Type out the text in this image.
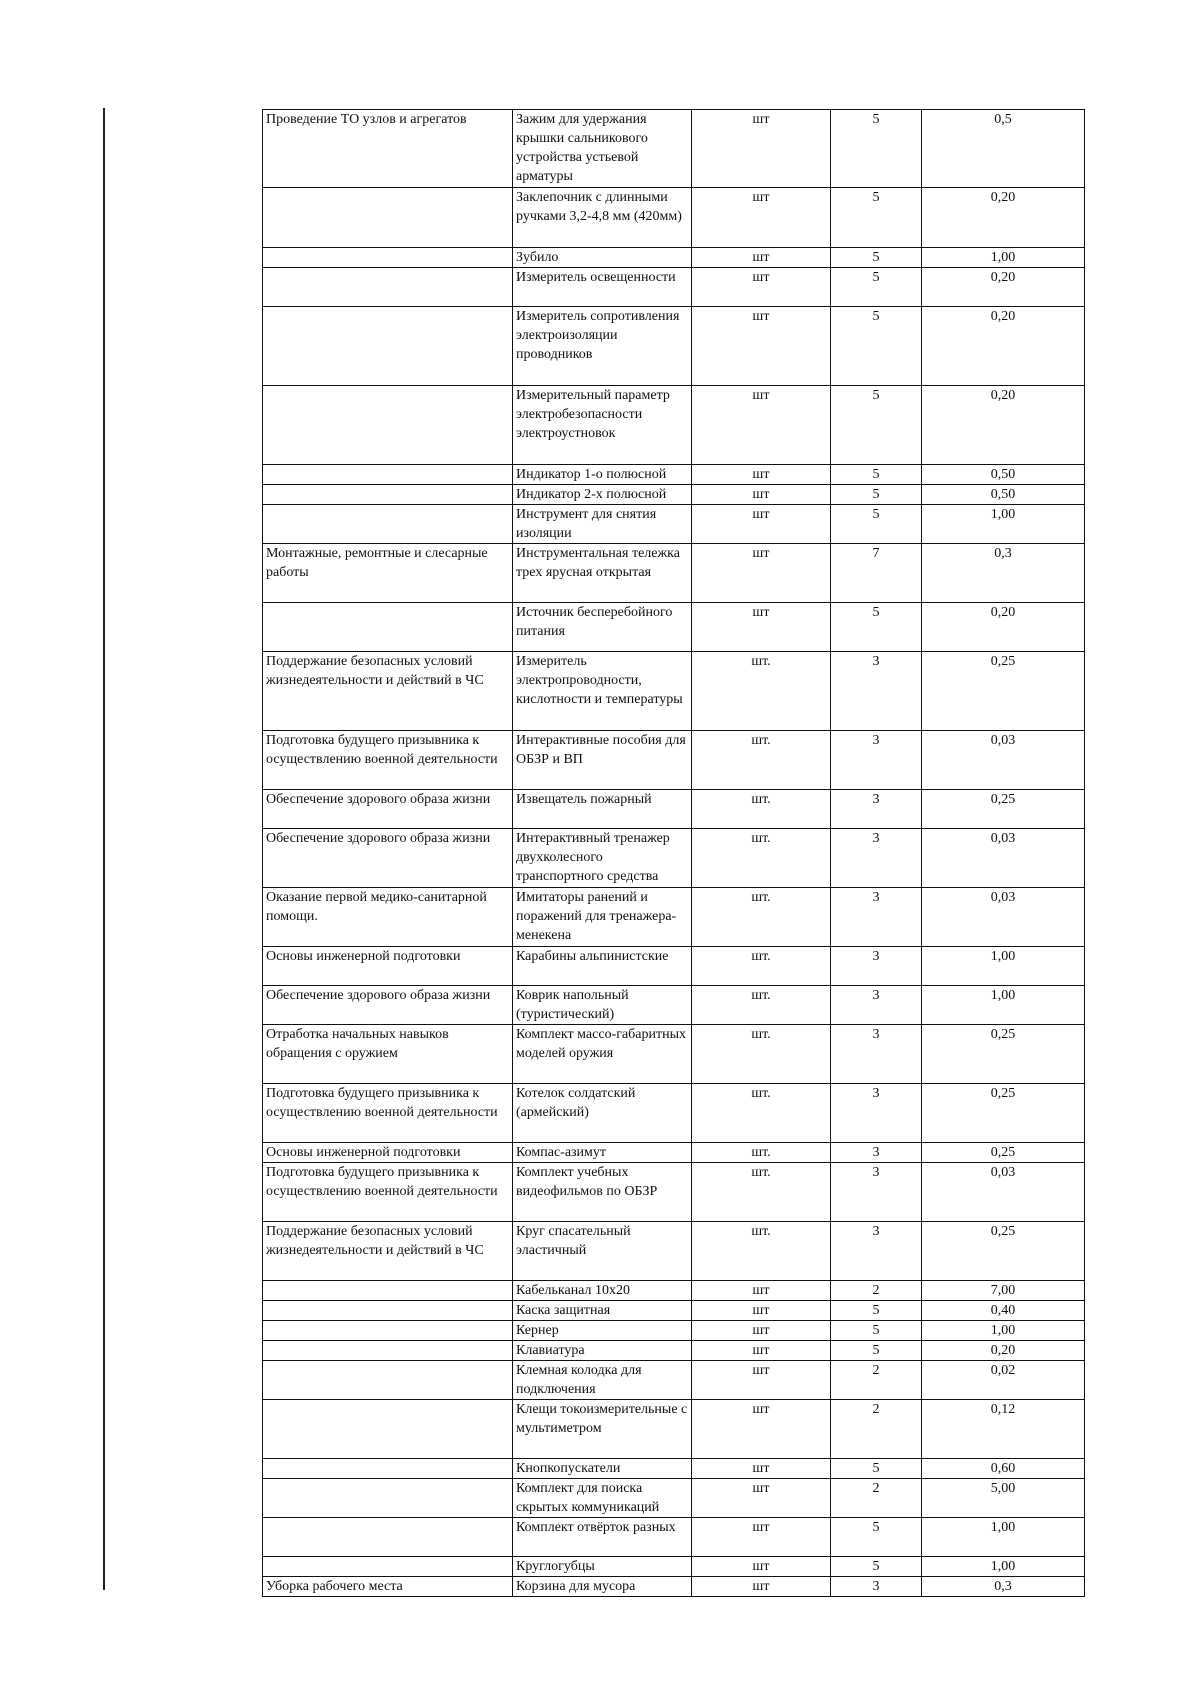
Проведение ТО узлов и агрегатов	Зажим для удержания крышки сальникового устройства устьевой арматуры	шт	5	0,5
	Заклепочник с длинными ручками 3,2-4,8 мм (420мм)	шт	5	0,20
	Зубило	шт	5	1,00
	Измеритель освещенности	шт	5	0,20
	Измеритель сопротивления электроизоляции проводников	шт	5	0,20
	Измерительный параметр электробезопасности электроустновок	шт	5	0,20
	Индикатор 1-о полюсной	шт	5	0,50
	Индикатор 2-х полюсной	шт	5	0,50
	Инструмент для снятия изоляции	шт	5	1,00
Монтажные, ремонтные и слесарные работы	Инструментальная тележка трех ярусная открытая	шт	7	0,3
	Источник бесперебойного питания	шт	5	0,20
Поддержание безопасных условий жизнедеятельности и действий в ЧС	Измеритель электропроводности, кислотности и температуры	шт.	3	0,25
Подготовка будущего призывника к осуществлению военной деятельности	Интерактивные пособия для ОБЗР и ВП	шт.	3	0,03
Обеспечение здорового образа жизни	Извещатель пожарный	шт.	3	0,25
Обеспечение здорового образа жизни	Интерактивный тренажер двухколесного транспортного средства	шт.	3	0,03
Оказание первой медико-санитарной помощи.	Имитаторы ранений и поражений для тренажера-менекена	шт.	3	0,03
Основы инженерной подготовки	Карабины альпинистские	шт.	3	1,00
Обеспечение здорового образа жизни	Коврик напольный (туристический)	шт.	3	1,00
Отработка начальных навыков обращения с оружием	Комплект массо-габаритных моделей оружия	шт.	3	0,25
Подготовка будущего призывника к осуществлению военной деятельности	Котелок солдатский (армейский)	шт.	3	0,25
Основы инженерной подготовки	Компас-азимут	шт.	3	0,25
Подготовка будущего призывника к осуществлению военной деятельности	Комплект учебных видеофильмов по ОБЗР	шт.	3	0,03
Поддержание безопасных условий жизнедеятельности и действий в ЧС	Круг спасательный эластичный	шт.	3	0,25
	Кабельканал 10x20	шт	2	7,00
	Каска защитная	шт	5	0,40
	Кернер	шт	5	1,00
	Клавиатура	шт	5	0,20
	Клемная колодка для подключения	шт	2	0,02
	Клещи токоизмерительные с мультиметром	шт	2	0,12
	Кнопкопускатели	шт	5	0,60
	Комплект для поиска скрытых коммуникаций	шт	2	5,00
	Комплект отвёрток разных	шт	5	1,00
	Круглогубцы	шт	5	1,00
Уборка рабочего места	Корзина для мусора	шт	3	0,3
